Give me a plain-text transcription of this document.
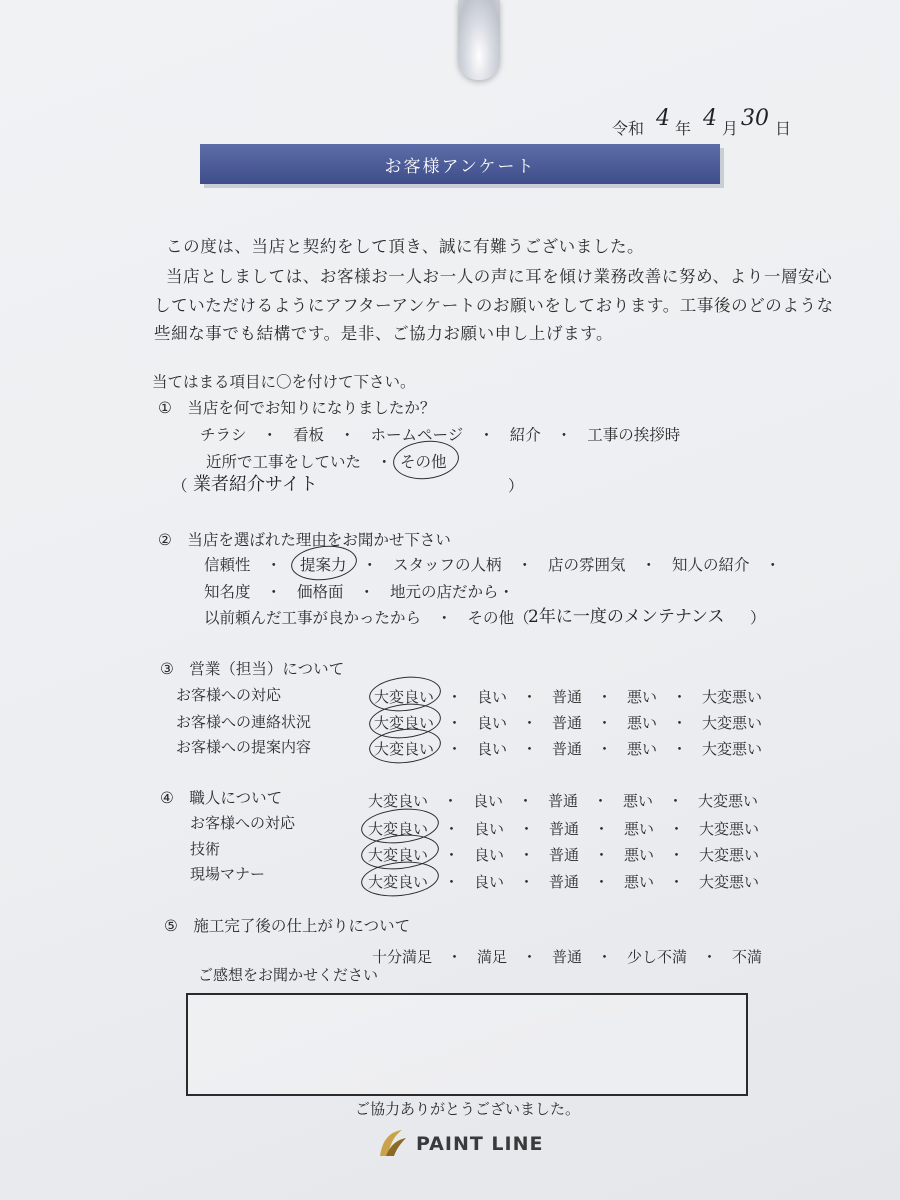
令和 4 年 4 月 30 日
お客様アンケート
この度は、当店と契約をして頂き、誠に有難うございました。
当店としましては、お客様お一人お一人の声に耳を傾け業務改善に努め、より一層安心
していただけるようにアフターアンケートのお願いをしております。工事後のどのような
些細な事でも結構です。是非、ご協力お願い申し上げます。
当てはまる項目に〇を付けて下さい。
①　当店を何でお知りになりましたか？
チラシ　・　看板　・　ホームページ　・　紹介　・　工事の挨拶時
近所で工事をしていた　・ その他
（ 業者紹介サイト	）
②　当店を選ばれた理由をお聞かせ下さい
信頼性　・ 提案力 ・　スタッフの人柄　・　店の雰囲気　・　知人の紹介　・
知名度　・　価格面　・　地元の店だから・
以前頼んだ工事が良かったから　・　その他（
2年に一度のメンテナンス ）
③　営業（担当）について
お客様への対応	大変良い ・　良い　・　普通　・　悪い　・　大変悪い
お客様への連絡状況	大変良い ・　良い　・　普通　・　悪い　・　大変悪い
お客様への提案内容	大変良い ・　良い　・　普通　・　悪い　・　大変悪い
④　職人について	大変良い　・　良い　・　普通　・　悪い　・　大変悪い
お客様への対応	大変良い ・　良い　・　普通　・　悪い　・　大変悪い
技術	大変良い ・　良い　・　普通　・　悪い　・　大変悪い
現場マナー	大変良い ・　良い　・　普通　・　悪い　・　大変悪い
⑤　施工完了後の仕上がりについて
十分満足　・　満足　・　普通　・　少し不満　・　不満
ご感想をお聞かせください
ご協力ありがとうございました。
PAINT LINE
